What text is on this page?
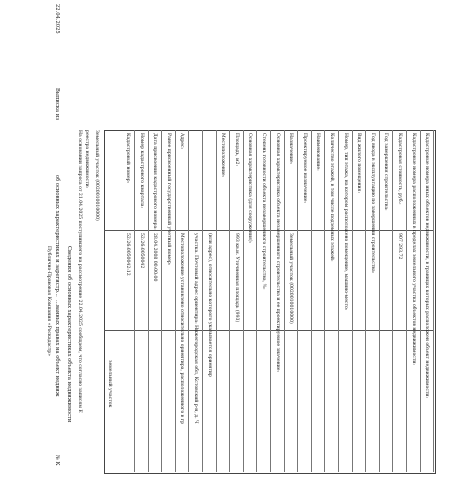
22.04.2025
Выписка из
об основных характеристиках и зарегистр...
...ванных правах на объект недвиж
№ К
Публично-Правовая Компания «Роскадастр»	Сведения об основных характеристиках объекта недвижимости На основании запроса от 21.04.2025 поступившего на рассмотрение 22.04.2025 сообщаем, что согласно записям Е реестра недвижимости: Земельный участок (0020010010000)
земельный участок
Кадастровый номер:
52:26:0050042:12
Номер кадастрового квартала:
52:26:0050042
Дата присвоения кадастрового номера:
28.04.2008 00:00:00 Ранее присвоенный государственный учетный номер: Адрес:
Местоположение установлено относительно ориентира, расположенного в гр участка. Почтовый адрес ориентира: Нижегородская обл, Кстовский р-н, д. Ч (или адрес), относительно которого указывается ориентир
Местоположение: Площадь, м2:
993 кв.м. Уточненная площадь (993)
Основная характеристика (для сооружения): Степень готовности объекта незавершенного строительства, %: Основная характеристика объекта незавершенного строительства и ее проектируемое значение: Назначение:
Земельный участок (0020010010000)
Проектируемое назначение: Наименование: Количество этажей, в том числе подземных этажей: Номер, тип этажа, на котором расположено помещение, машино-место: Вид жилого помещения: Год ввода в эксплуатацию по завершении строительства: Год завершения строительства: Кадастровая стоимость, руб.:
907 293.72 Кадастровые номера расположенных в пределах земельного участка объектов недвижимости: Кадастровые номера иных объектов недвижимости, в границах которых расположен объект недвижимости:
